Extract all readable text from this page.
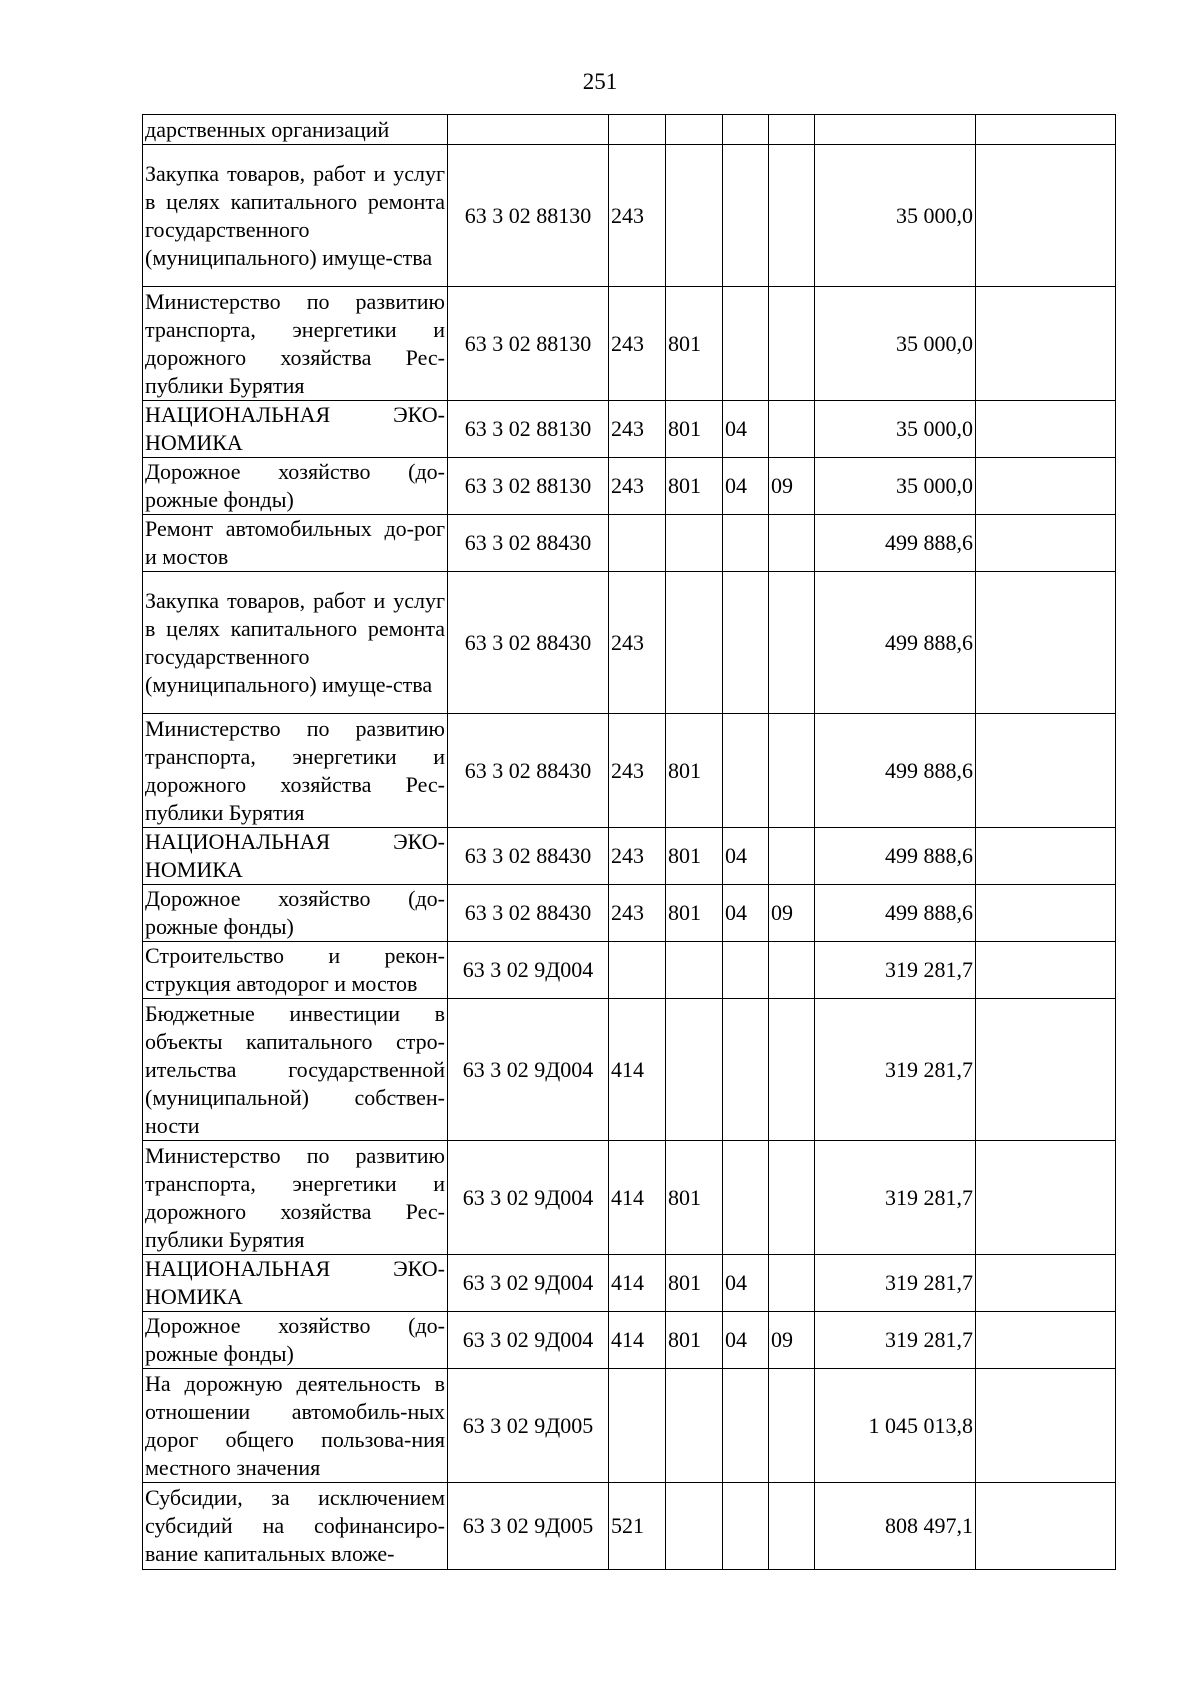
251
дарственных организаций							
Закупка товаров, работ и услуг в целях капитального ремонта государственного (муниципального) имуще-ства	63 3 02 88130	243				35 000,0	
Министерство по развитию транспорта, энергетики и дорожного хозяйства Рес-публики Бурятия	63 3 02 88130	243	801			35 000,0	
НАЦИОНАЛЬНАЯ ЭКО-НОМИКА	63 3 02 88130	243	801	04		35 000,0	
Дорожное хозяйство (до-рожные фонды)	63 3 02 88130	243	801	04	09	35 000,0	
Ремонт автомобильных до-рог и мостов	63 3 02 88430					499 888,6	
Закупка товаров, работ и услуг в целях капитального ремонта государственного (муниципального) имуще-ства	63 3 02 88430	243				499 888,6	
Министерство по развитию транспорта, энергетики и дорожного хозяйства Рес-публики Бурятия	63 3 02 88430	243	801			499 888,6	
НАЦИОНАЛЬНАЯ ЭКО-НОМИКА	63 3 02 88430	243	801	04		499 888,6	
Дорожное хозяйство (до-рожные фонды)	63 3 02 88430	243	801	04	09	499 888,6	
Строительство и рекон-струкция автодорог и мостов	63 3 02 9Д004					319 281,7	
Бюджетные инвестиции в объекты капитального стро-ительства государственной (муниципальной) собствен-ности	63 3 02 9Д004	414				319 281,7	
Министерство по развитию транспорта, энергетики и дорожного хозяйства Рес-публики Бурятия	63 3 02 9Д004	414	801			319 281,7	
НАЦИОНАЛЬНАЯ ЭКО-НОМИКА	63 3 02 9Д004	414	801	04		319 281,7	
Дорожное хозяйство (до-рожные фонды)	63 3 02 9Д004	414	801	04	09	319 281,7	
На дорожную деятельность в отношении автомобиль-ных дорог общего пользова-ния местного значения	63 3 02 9Д005					1 045 013,8	
Субсидии, за исключением субсидий на софинансиро-вание капитальных вложе-	63 3 02 9Д005	521				808 497,1	
